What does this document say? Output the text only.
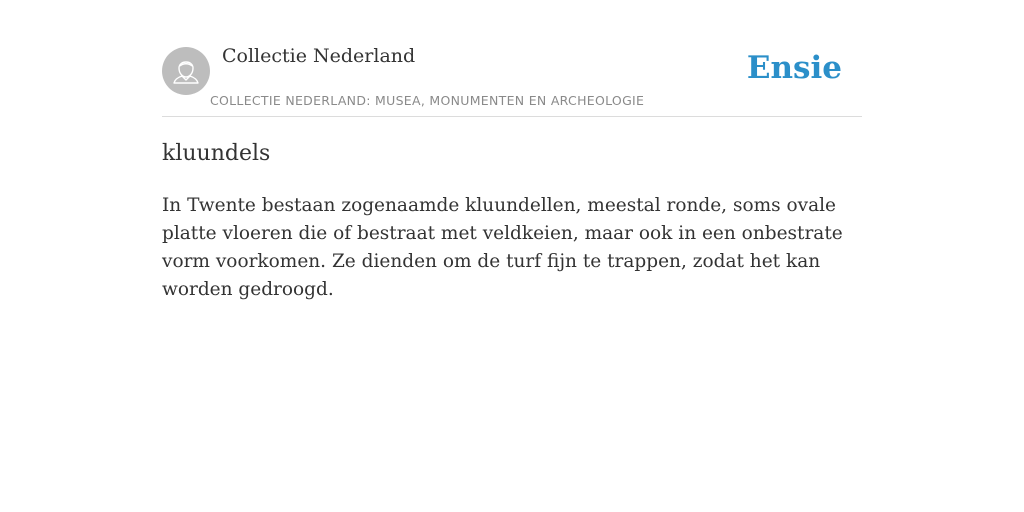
Collectie Nederland
COLLECTIE NEDERLAND: MUSEA, MONUMENTEN EN ARCHEOLOGIE
Ensie
kluundels

In Twente bestaan zogenaamde kluundellen, meestal ronde, soms ovale platte vloeren die of bestraat met veldkeien, maar ook in een onbestrate vorm voorkomen. Ze dienden om de turf fijn te trappen, zodat het kan worden gedroogd.
